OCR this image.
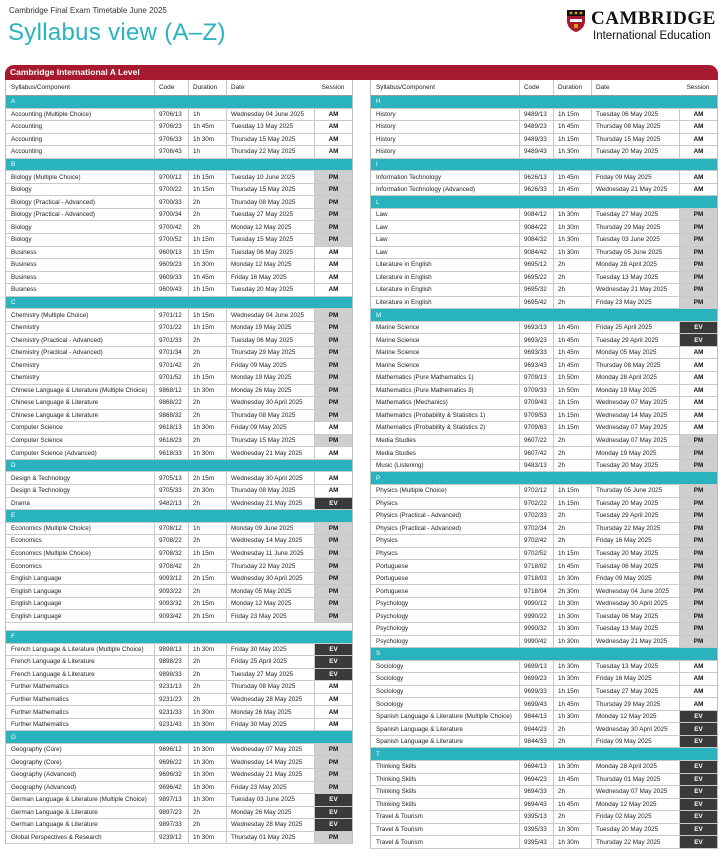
Cambridge Final Exam Timetable June 2025
Syllabus view (A–Z)
CAMBRIDGE
International Education
Cambridge International A Level
Syllabus/Component	Code	Duration	Date	Session
A
Accounting (Multiple Choice)	9706/13	1h	Wednesday 04 June 2025	AM
Accounting	9706/23	1h 45m	Tuesday 13 May 2025	AM
Accounting	9706/33	1h 30m	Thursday 15 May 2025	AM
Accounting	9706/43	1h	Thursday 22 May 2025	AM
B
Biology (Multiple Choice)	9700/12	1h 15m	Tuesday 10 June 2025	PM
Biology	9700/22	1h 15m	Thursday 15 May 2025	PM
Biology (Practical - Advanced)	9700/33	2h	Thursday 08 May 2025	PM
Biology (Practical - Advanced)	9700/34	2h	Tuesday 27 May 2025	PM
Biology	9700/42	2h	Monday 12 May 2025	PM
Biology	9700/52	1h 15m	Tuesday 15 May 2025	PM
Business	9609/13	1h 15m	Tuesday 06 May 2025	AM
Business	9609/23	1h 30m	Monday 12 May 2025	AM
Business	9609/33	1h 45m	Friday 16 May 2025	AM
Business	9609/43	1h 15m	Tuesday 20 May 2025	AM
C
Chemistry (Multiple Choice)	9701/12	1h 15m	Wednesday 04 June 2025	PM
Chemistry	9701/22	1h 15m	Monday 19 May 2025	PM
Chemistry (Practical - Advanced)	9701/33	2h	Tuesday 06 May 2025	PM
Chemistry (Practical - Advanced)	9701/34	2h	Thursday 29 May 2025	PM
Chemistry	9701/42	2h	Friday 09 May 2025	PM
Chemistry	9701/52	1h 15m	Monday 19 May 2025	PM
Chinese Language & Literature (Multiple Choice)	9868/12	1h 30m	Monday 26 May 2025	PM
Chinese Language & Literature	9868/22	2h	Wednesday 30 April 2025	PM
Chinese Language & Literature	9868/32	2h	Thursday 08 May 2025	PM
Computer Science	9618/13	1h 30m	Friday 09 May 2025	AM
Computer Science	9618/23	2h	Thursday 15 May 2025	PM
Computer Science (Advanced)	9618/33	1h 30m	Wednesday 21 May 2025	AM
D
Design & Technology	9705/13	2h 15m	Wednesday 30 April 2025	AM
Design & Technology	9705/33	2h 30m	Thursday 08 May 2025	AM
Drama	9482/13	2h	Wednesday 21 May 2025	EV
E
Economics (Multiple Choice)	9708/12	1h	Monday 09 June 2025	PM
Economics	9708/22	2h	Wednesday 14 May 2025	PM
Economics (Multiple Choice)	9708/32	1h 15m	Wednesday 11 June 2025	PM
Economics	9708/42	2h	Thursday 22 May 2025	PM
English Language	9093/12	2h 15m	Wednesday 30 April 2025	PM
English Language	9093/22	2h	Monday 05 May 2025	PM
English Language	9093/32	2h 15m	Monday 12 May 2025	PM
English Language	9093/42	2h 15m	Friday 23 May 2025	PM
F
French Language & Literature (Multiple Choice)	9898/13	1h 30m	Friday 30 May 2025	EV
French Language & Literature	9898/23	2h	Friday 25 April 2025	EV
French Language & Literature	9898/33	2h	Tuesday 27 May 2025	EV
Further Mathematics	9231/13	2h	Thursday 08 May 2025	AM
Further Mathematics	9231/23	2h	Wednesday 28 May 2025	AM
Further Mathematics	9231/33	1h 30m	Monday 26 May 2025	AM
Further Mathematics	9231/43	1h 30m	Friday 30 May 2025	AM
G
Geography (Core)	9696/12	1h 30m	Wednesday 07 May 2025	PM
Geography (Core)	9696/22	1h 30m	Wednesday 14 May 2025	PM
Geography (Advanced)	9696/32	1h 30m	Wednesday 21 May 2025	PM
Geography (Advanced)	9696/42	1h 30m	Friday 23 May 2025	PM
German Language & Literature (Multiple Choice)	9897/13	1h 30m	Tuesday 03 June 2025	EV
German Language & Literature	9897/23	2h	Monday 26 May 2025	EV
German Language & Literature	9897/33	2h	Wednesday 28 May 2025	EV
Global Perspectives & Research	9239/12	1h 30m	Thursday 01 May 2025	PM
Syllabus/Component	Code	Duration	Date	Session
H
History	9489/13	1h 15m	Tuesday 06 May 2025	AM
History	9489/23	1h 45m	Thursday 08 May 2025	AM
History	9489/33	1h 15m	Thursday 15 May 2025	AM
History	9489/43	1h 30m	Tuesday 20 May 2025	AM
I
Information Technology	9626/13	1h 45m	Friday 09 May 2025	AM
Information Technology (Advanced)	9626/33	1h 45m	Wednesday 21 May 2025	AM
L
Law	9084/12	1h 30m	Tuesday 27 May 2025	PM
Law	9084/22	1h 30m	Thursday 29 May 2025	PM
Law	9084/32	1h 30m	Tuesday 03 June 2025	PM
Law	9084/42	1h 30m	Thursday 05 June 2025	PM
Literature in English	9695/12	2h	Monday 28 April 2025	PM
Literature in English	9695/22	2h	Tuesday 13 May 2025	PM
Literature in English	9695/32	2h	Wednesday 21 May 2025	PM
Literature in English	9695/42	2h	Friday 23 May 2025	PM
M
Marine Science	9693/13	1h 45m	Friday 25 April 2025	EV
Marine Science	9693/23	1h 45m	Tuesday 29 April 2025	EV
Marine Science	9693/33	1h 45m	Monday 05 May 2025	AM
Marine Science	9693/43	1h 45m	Thursday 08 May 2025	AM
Mathematics (Pure Mathematics 1)	9709/13	1h 50m	Monday 28 April 2025	AM
Mathematics (Pure Mathematics 3)	9709/33	1h 50m	Monday 19 May 2025	AM
Mathematics (Mechanics)	9709/43	1h 15m	Wednesday 07 May 2025	AM
Mathematics (Probability & Statistics 1)	9709/53	1h 15m	Wednesday 14 May 2025	AM
Mathematics (Probability & Statistics 2)	9709/63	1h 15m	Wednesday 07 May 2025	AM
Media Studies	9607/22	2h	Wednesday 07 May 2025	PM
Media Studies	9607/42	2h	Monday 19 May 2025	PM
Music (Listening)	9483/13	2h	Tuesday 20 May 2025	PM
P
Physics (Multiple Choice)	9702/12	1h 15m	Thursday 05 June 2025	PM
Physics	9702/22	1h 15m	Tuesday 20 May 2025	PM
Physics (Practical - Advanced)	9702/33	2h	Tuesday 29 April 2025	PM
Physics (Practical - Advanced)	9702/34	2h	Thursday 22 May 2025	PM
Physics	9702/42	2h	Friday 16 May 2025	PM
Physics	9702/52	1h 15m	Tuesday 20 May 2025	PM
Portuguese	9718/02	1h 45m	Tuesday 06 May 2025	PM
Portuguese	9718/03	1h 30m	Friday 09 May 2025	PM
Portuguese	9718/04	2h 30m	Wednesday 04 June 2025	PM
Psychology	9990/12	1h 30m	Wednesday 30 April 2025	PM
Psychology	9990/22	1h 30m	Tuesday 06 May 2025	PM
Psychology	9990/32	1h 30m	Tuesday 13 May 2025	PM
Psychology	9990/42	1h 30m	Wednesday 21 May 2025	PM
S
Sociology	9699/13	1h 30m	Tuesday 13 May 2025	AM
Sociology	9699/23	1h 30m	Friday 16 May 2025	AM
Sociology	9699/33	1h 15m	Tuesday 27 May 2025	AM
Sociology	9699/43	1h 45m	Thursday 29 May 2025	AM
Spanish Language & Literature (Multiple Choice)	9844/13	1h 30m	Monday 12 May 2025	EV
Spanish Language & Literature	9844/23	2h	Wednesday 30 April 2025	EV
Spanish Language & Literature	9844/33	2h	Friday 09 May 2025	EV
T
Thinking Skills	9694/13	1h 30m	Monday 28 April 2025	EV
Thinking Skills	9694/23	1h 45m	Thursday 01 May 2025	EV
Thinking Skills	9694/33	2h	Wednesday 07 May 2025	EV
Thinking Skills	9694/43	1h 45m	Monday 12 May 2025	EV
Travel & Tourism	9395/13	2h	Friday 02 May 2025	EV
Travel & Tourism	9395/33	1h 30m	Tuesday 20 May 2025	EV
Travel & Tourism	9395/43	1h 30m	Thursday 22 May 2025	EV
